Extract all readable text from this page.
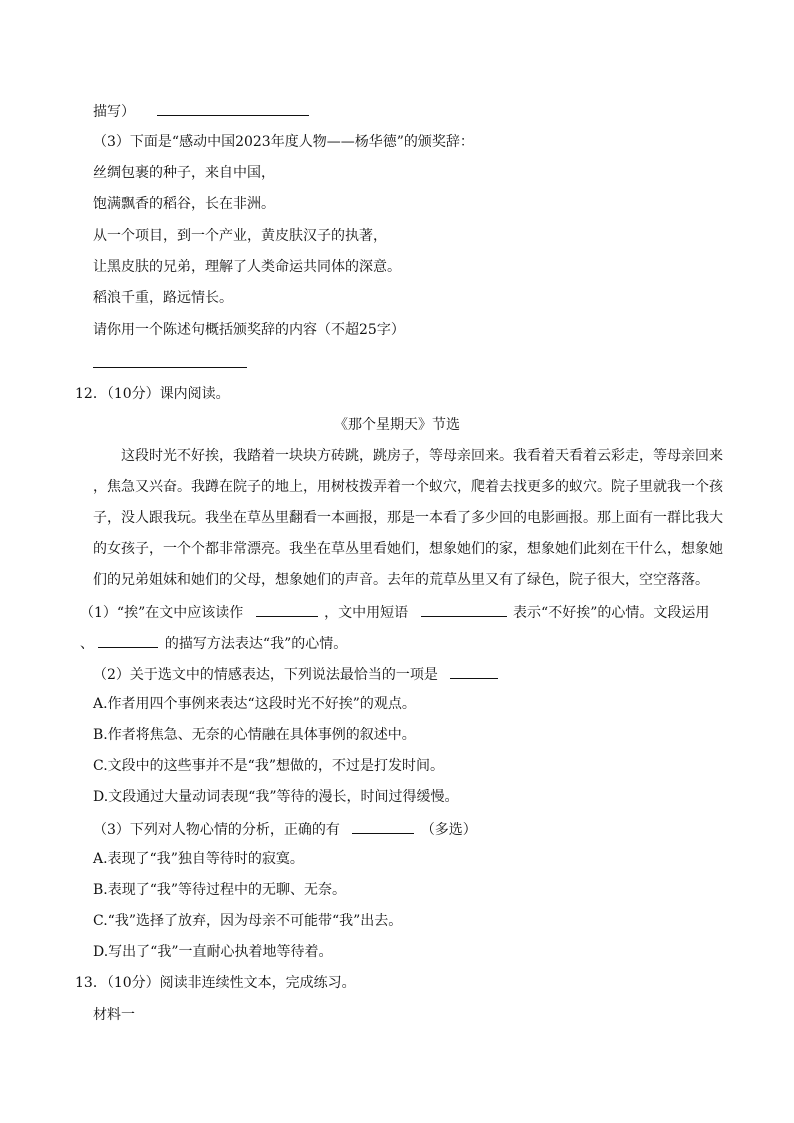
描写）
（3）下面是“感动中国2023年度人物——杨华德”的颁奖辞：
丝绸包裹的种子，来自中国，
饱满飘香的稻谷，长在非洲。
从一个项目，到一个产业，黄皮肤汉子的执著，
让黑皮肤的兄弟，理解了人类命运共同体的深意。
稻浪千重，路远情长。
请你用一个陈述句概括颁奖辞的内容（不超25字）
12．（10分）课内阅读。
《那个星期天》节选
这段时光不好挨，我踏着一块块方砖跳，跳房子，等母亲回来。我看着天看着云彩走，等母亲回来
，焦急又兴奋。我蹲在院子的地上，用树枝拨弄着一个蚁穴，爬着去找更多的蚁穴。院子里就我一个孩
子，没人跟我玩。我坐在草丛里翻看一本画报，那是一本看了多少回的电影画报。那上面有一群比我大
的女孩子，一个个都非常漂亮。我坐在草丛里看她们，想象她们的家，想象她们此刻在干什么，想象她
们的兄弟姐妹和她们的父母，想象她们的声音。去年的荒草丛里又有了绿色，院子很大，空空落落。
（1）“挨”在文中应该读作	，文中用短语	表示“不好挨”的心情。文段运用
、	的描写方法表达“我”的心情。
（2）关于选文中的情感表达，下列说法最恰当的一项是
A.作者用四个事例来表达“这段时光不好挨”的观点。
B.作者将焦急、无奈的心情融在具体事例的叙述中。
C.文段中的这些事并不是“我”想做的，不过是打发时间。
D.文段通过大量动词表现“我”等待的漫长，时间过得缓慢。
（3）下列对人物心情的分析，正确的有	（多选）
A.表现了“我”独自等待时的寂寞。
B.表现了“我”等待过程中的无聊、无奈。
C.“我”选择了放弃，因为母亲不可能带“我”出去。
D.写出了“我”一直耐心执着地等待着。
13．（10分）阅读非连续性文本，完成练习。
材料一
